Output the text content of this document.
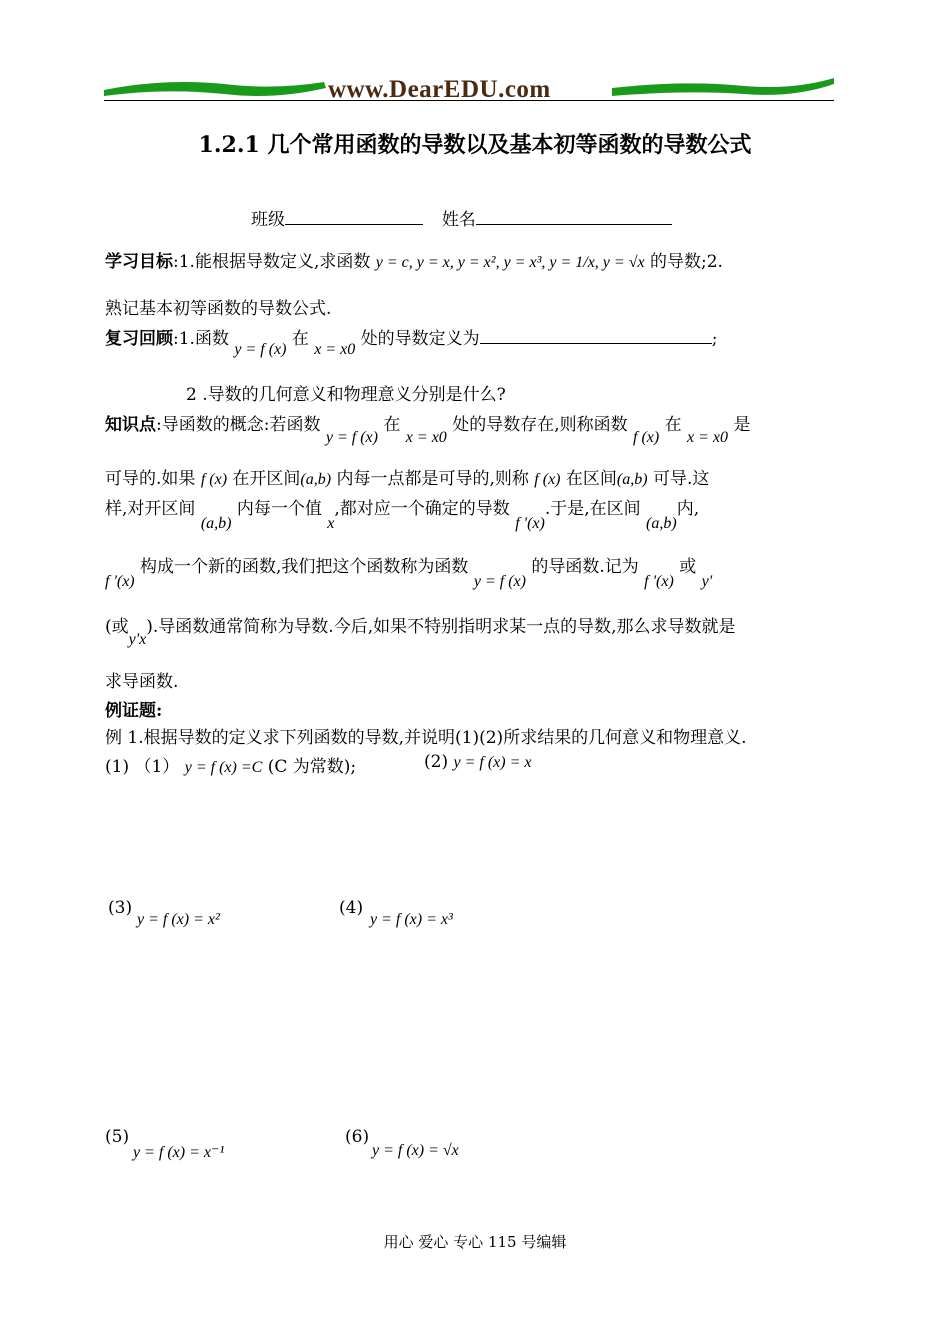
www.DearEDU.com
1.2.1 几个常用函数的导数以及基本初等函数的导数公式
班级	姓名
学习目标:1.能根据导数定义,求函数 y = c, y = x, y = x², y = x³, y = 1/x, y = √x 的导数;2.
熟记基本初等函数的导数公式.
复习回顾:1.函数 y = f (x) 在 x = x0 处的导数定义为	;
2 .导数的几何意义和物理意义分别是什么?
知识点:导函数的概念:若函数 y = f (x) 在 x = x0 处的导数存在,则称函数 f (x) 在 x = x0 是
可导的.如果 f (x) 在开区间(a,b) 内每一点都是可导的,则称 f (x) 在区间(a,b) 可导.这
样,对开区间 (a,b) 内每一个值 x,都对应一个确定的导数 f '(x).于是,在区间 (a,b)内,
f '(x) 构成一个新的函数,我们把这个函数称为函数 y = f (x) 的导函数.记为 f '(x) 或 y'
(或y'x).导函数通常简称为导数.今后,如果不特别指明求某一点的导数,那么求导数就是
求导函数.
例证题:
例 1.根据导数的定义求下列函数的导数,并说明(1)(2)所求结果的几何意义和物理意义.
(1) （1） y = f (x) =C (C 为常数);	(2) y = f (x) = x
(3)
y = f (x) = x²
(4)
y = f (x) = x³
(5)
y = f (x) = x⁻¹
(6)
y = f (x) = √x
用心 爱心 专心 115 号编辑
